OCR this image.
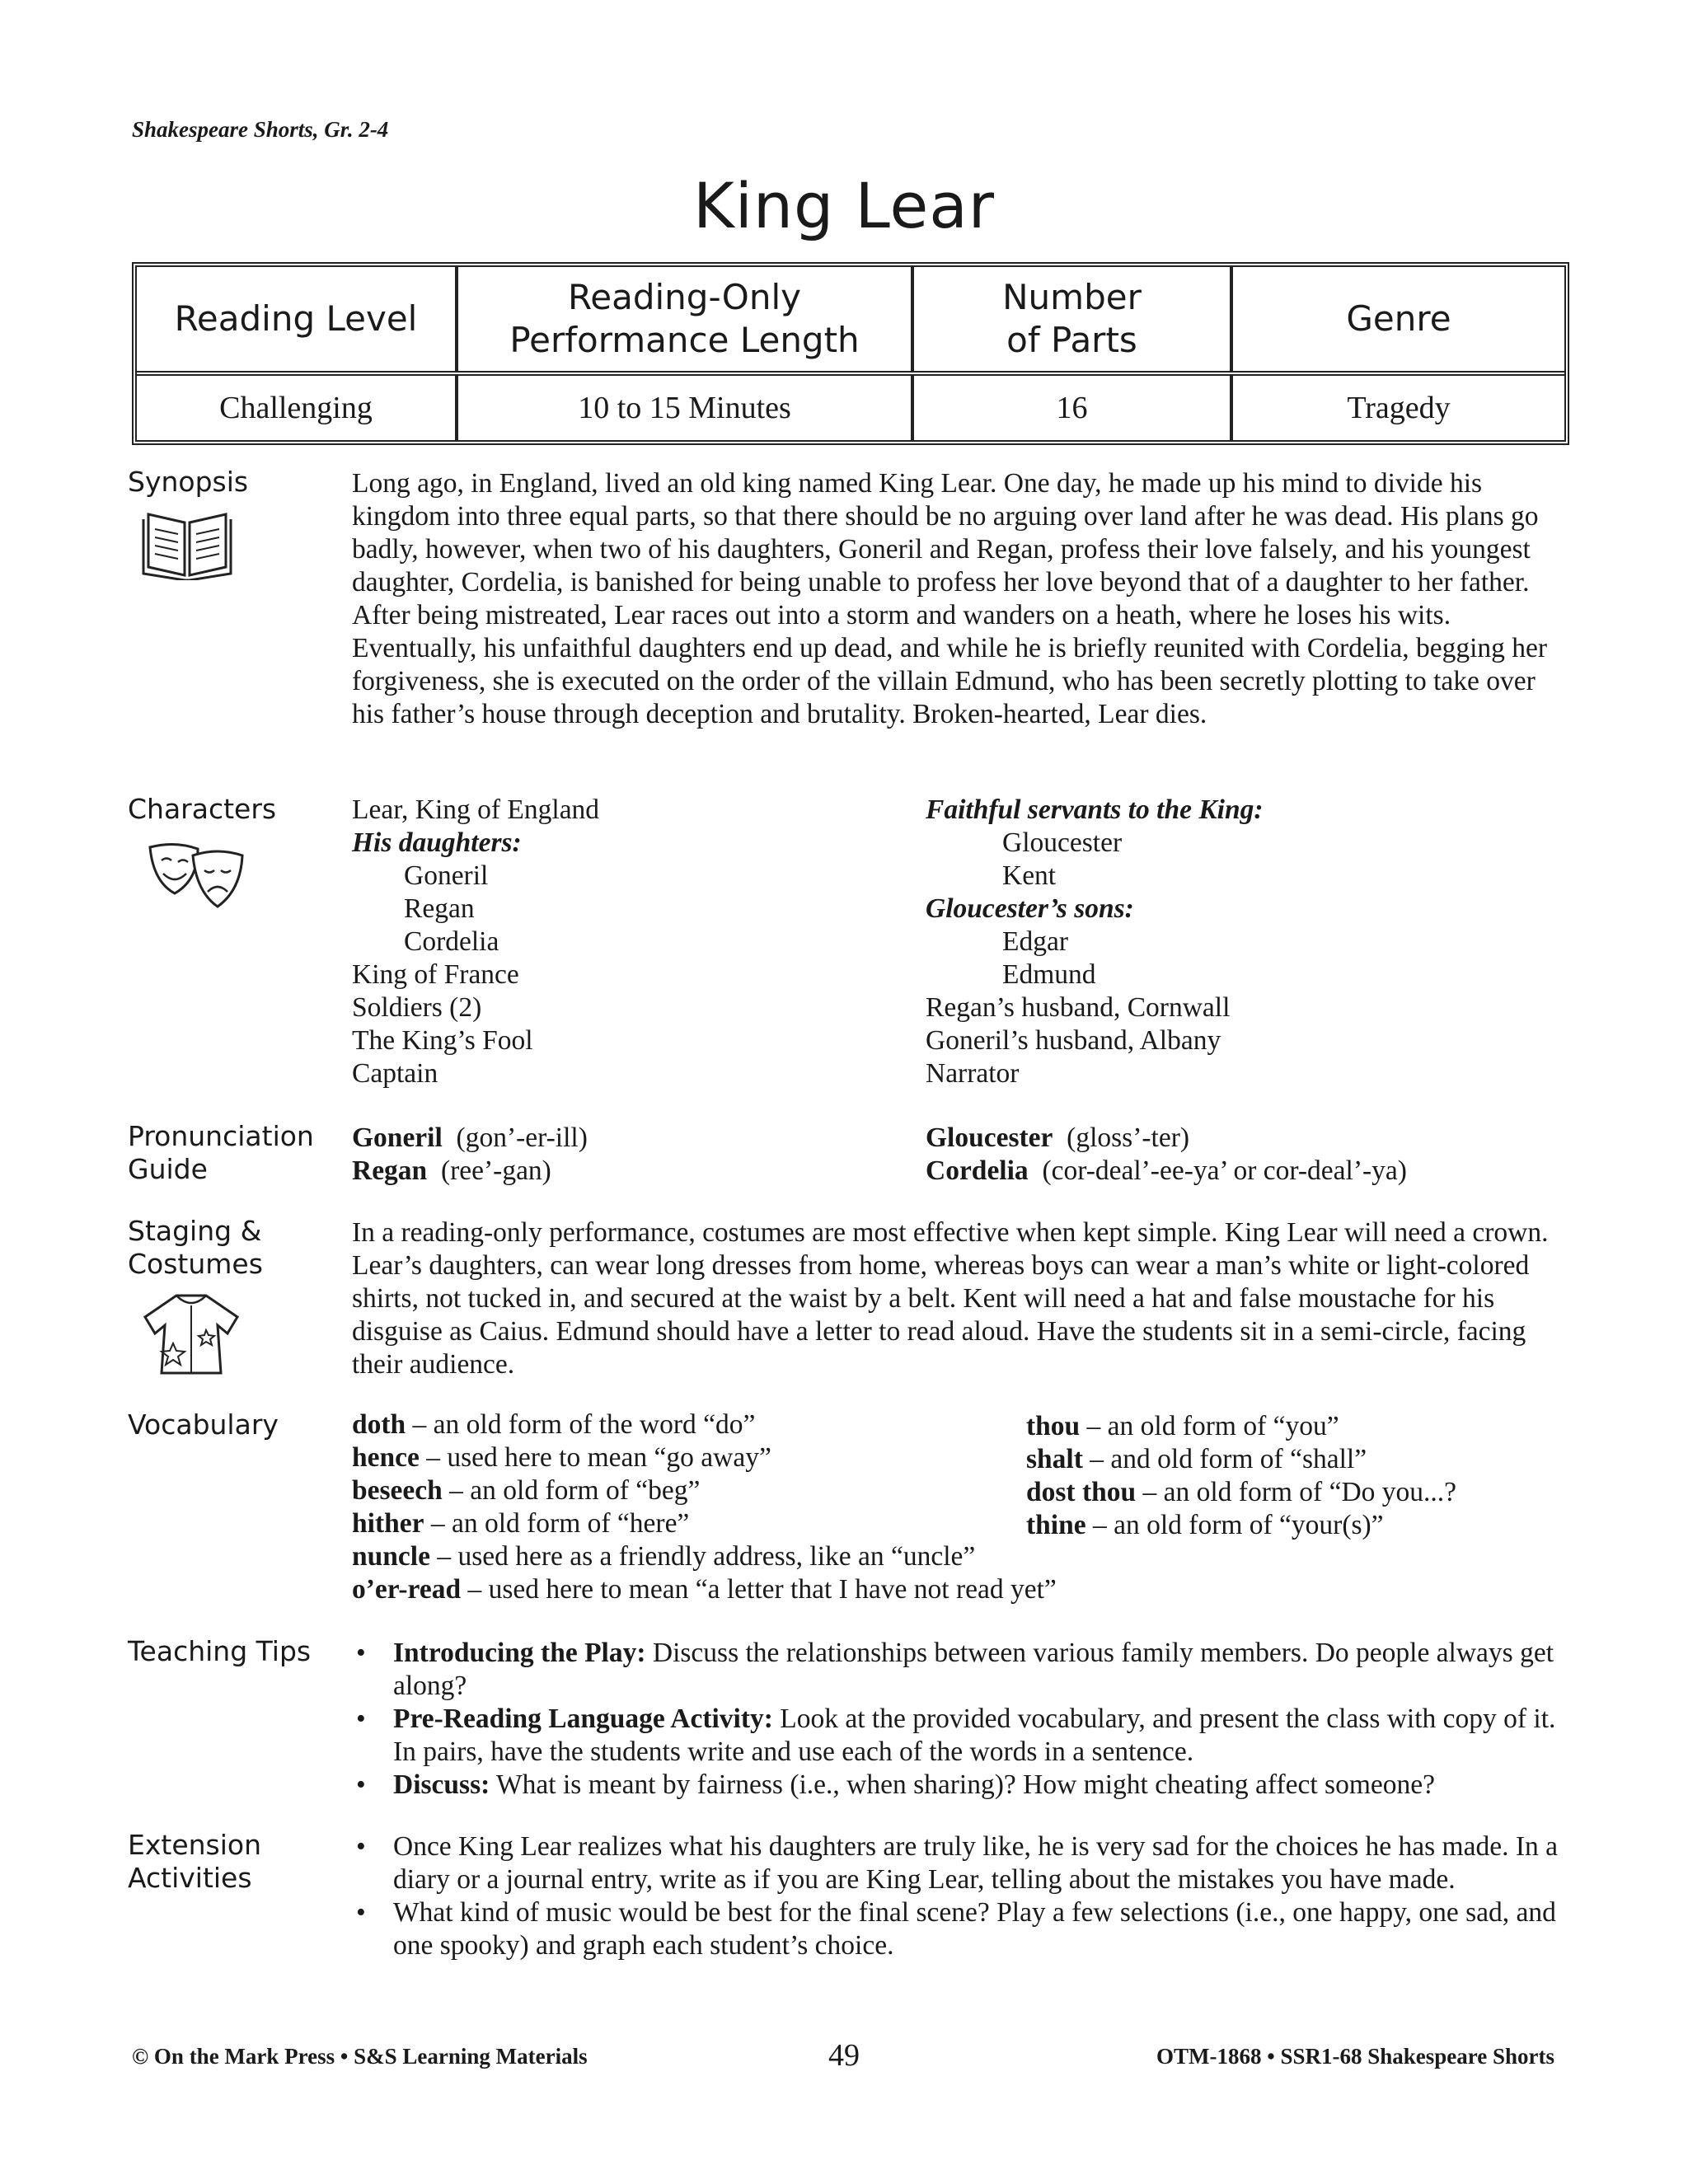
Shakespeare Shorts, Gr. 2-4
King Lear
Reading Level
Reading-Only
Performance Length
Number
of Parts
Genre
Challenging	10 to 15 Minutes	16	Tragedy
Synopsis	Long ago, in England, lived an old king named King Lear. One day, he made up his mind to divide his kingdom into three equal parts, so that there should be no arguing over land after he was dead. His plans go badly, however, when two of his daughters, Goneril and Regan, profess their love falsely, and his youngest daughter, Cordelia, is banished for being unable to profess her love beyond that of a daughter to her father. After being mistreated, Lear races out into a storm and wanders on a heath, where he loses his wits. Eventually, his unfaithful daughters end up dead, and while he is briefly reunited with Cordelia, begging her forgiveness, she is executed on the order of the villain Edmund, who has been secretly plotting to take over his father’s house through deception and brutality. Broken-hearted, Lear dies.
Characters	Lear, King of England
His daughters:
Goneril
Regan
Cordelia
King of France
Soldiers (2)
The King’s Fool
Captain
Faithful servants to the King:
Gloucester
Kent
Gloucester’s sons:
Edgar
Edmund
Regan’s husband, Cornwall
Goneril’s husband, Albany
Narrator
Pronunciation
Guide
Goneril (gon’-er-ill)
Regan (ree’-gan)
Gloucester (gloss’-ter)
Cordelia (cor-deal’-ee-ya’ or cor-deal’-ya)
Staging &
Costumes
In a reading-only performance, costumes are most effective when kept simple. King Lear will need a crown. Lear’s daughters, can wear long dresses from home, whereas boys can wear a man’s white or light-colored shirts, not tucked in, and secured at the waist by a belt. Kent will need a hat and false moustache for his disguise as Caius. Edmund should have a letter to read aloud. Have the students sit in a semi-circle, facing their audience.
Vocabulary	doth – an old form of the word “do”
hence – used here to mean “go away”
beseech – an old form of “beg”
hither – an old form of “here”
nuncle – used here as a friendly address, like an “uncle”
o’er-read – used here to mean “a letter that I have not read yet”
thou – an old form of “you”
shalt – and old form of “shall”
dost thou – an old form of “Do you...?
thine – an old form of “your(s)”
Teaching Tips
•	Introducing the Play: Discuss the relationships between various family members. Do people always get along?
• Pre-Reading Language Activity: Look at the provided vocabulary, and present the class with copy of it. In pairs, have the students write and use each of the words in a sentence.
• Discuss: What is meant by fairness (i.e., when sharing)? How might cheating affect someone?
Extension
Activities
• Once King Lear realizes what his daughters are truly like, he is very sad for the choices he has made. In a diary or a journal entry, write as if you are King Lear, telling about the mistakes you have made.
• What kind of music would be best for the final scene? Play a few selections (i.e., one happy, one sad, and one spooky) and graph each student’s choice.
© On the Mark Press • S&S Learning Materials	49	OTM-1868 • SSR1-68 Shakespeare Shorts
